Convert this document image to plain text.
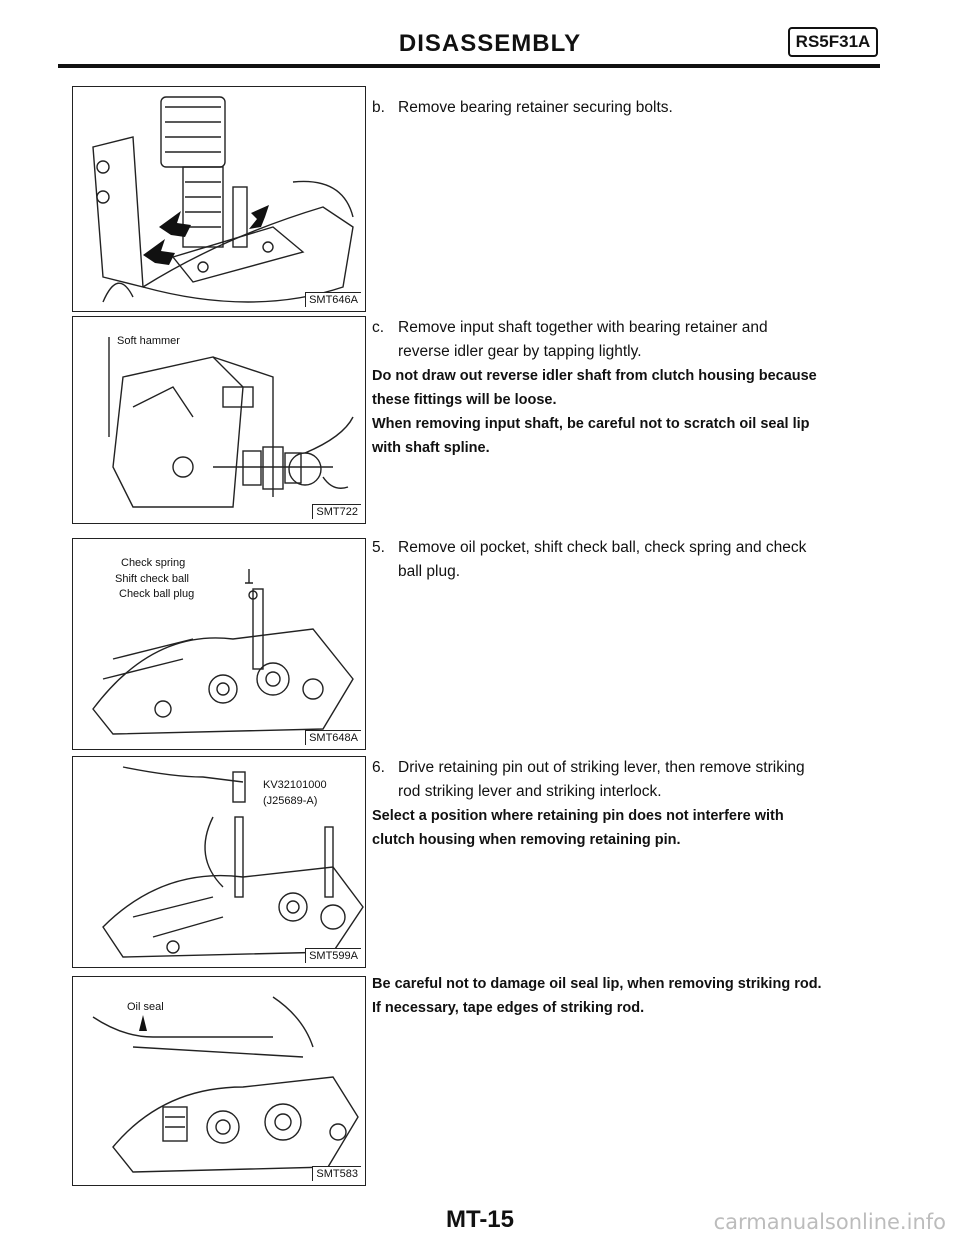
DISASSEMBLY	RS5F31A
SMT646A
Soft hammer
SMT722
Check spring
Shift check ball
Check ball plug
SMT648A
KV32101000
(J25689-A)
SMT599A
Oil seal
SMT583
b. Remove bearing retainer securing bolts.
c. Remove input shaft together with bearing retainer and
reverse idler gear by tapping lightly.
Do not draw out reverse idler shaft from clutch housing because
these fittings will be loose.
When removing input shaft, be careful not to scratch oil seal lip
with shaft spline.
5. Remove oil pocket, shift check ball, check spring and check
ball plug.
6. Drive retaining pin out of striking lever, then remove striking
rod striking lever and striking interlock.
Select a position where retaining pin does not interfere with
clutch housing when removing retaining pin.
Be careful not to damage oil seal lip, when removing striking rod.
If necessary, tape edges of striking rod.
MT-15	carmanualsonline.info
